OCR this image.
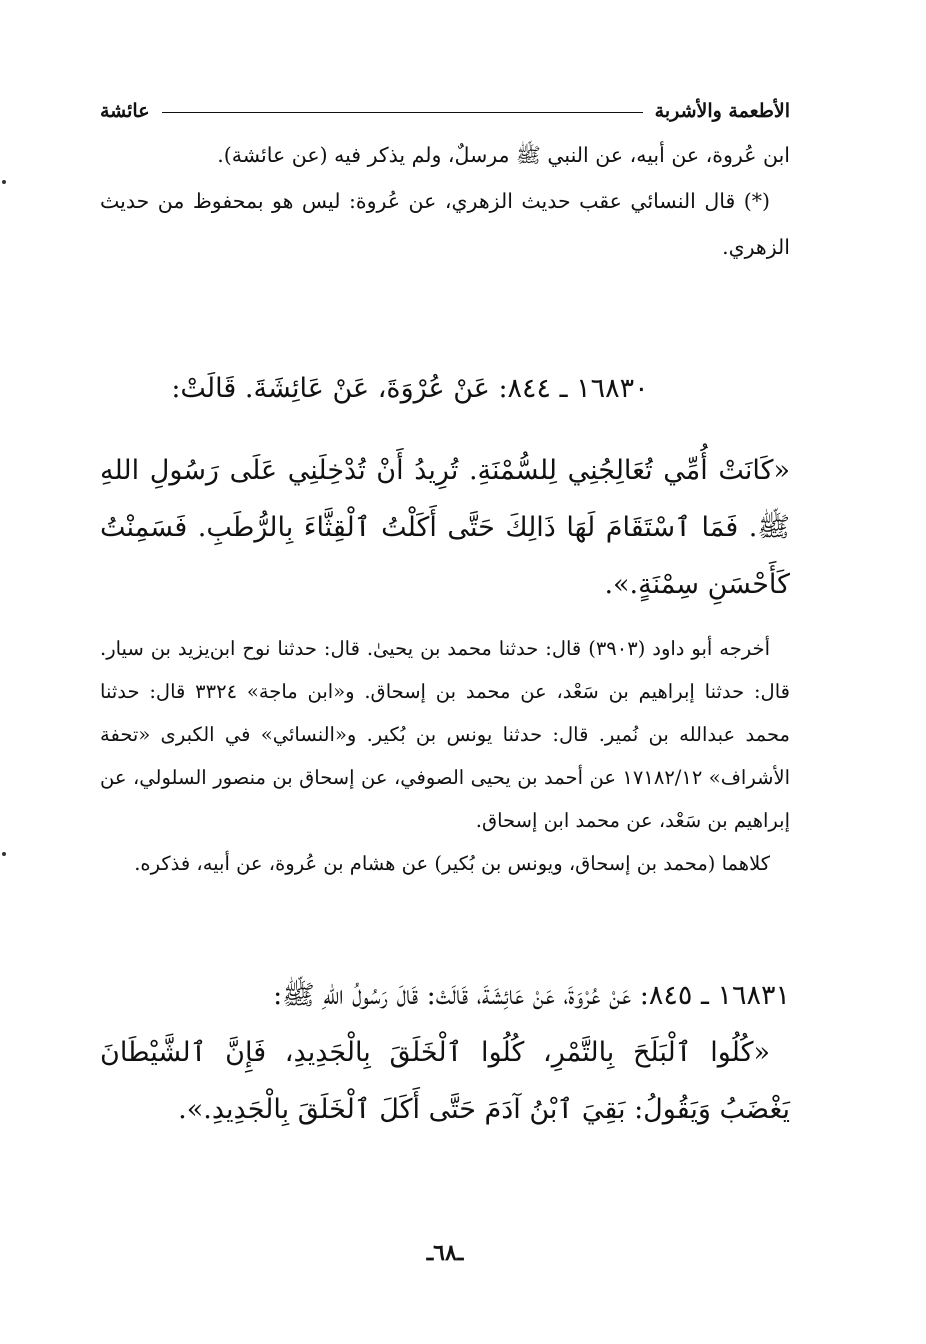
الأطعمة والأشربة
عائشة

ابن عُروة، عن أبيه، عن النبي ﷺ مرسلٌ، ولم يذكر فيه (عن عائشة).

(*) قال النسائي عقب حديث الزهري، عن عُروة: ليس هو بمحفوظ من حديث الزهري.

١٦٨٣٠ ـ ٨٤٤: عَنْ عُرْوَةَ، عَنْ عَائِشَةَ. قَالَتْ:

«كَانَتْ أُمِّي تُعَالِجُنِي لِلسُّمْنَةِ. تُرِيدُ أَنْ تُدْخِلَنِي عَلَى رَسُولِ اللهِ ﷺ. فَمَا ٱسْتَقَامَ لَهَا ذَالِكَ حَتَّى أَكَلْتُ ٱلْقِثَّاءَ بِالرُّطَبِ. فَسَمِنْتُ كَأَحْسَنِ سِمْنَةٍ.».

أخرجه أبو داود (٣٩٠٣) قال: حدثنا محمد بن يحيىٰ. قال: حدثنا نوح ابن‌يزيد بن سيار. قال: حدثنا إبراهيم بن سَعْد، عن محمد بن إسحاق. و«ابن ماجة» ٣٣٢٤ قال: حدثنا محمد عبدالله بن نُمير. قال: حدثنا يونس بن بُكير. و«النسائي» في الكبرى «تحفة الأشراف» ١٧١٨٢/١٢ عن أحمد بن يحيى الصوفي، عن إسحاق بن منصور السلولي، عن إبراهيم بن سَعْد، عن محمد ابن إسحاق.

كلاهما (محمد بن إسحاق، ويونس بن بُكير) عن هشام بن عُروة، عن أبيه، فذكره.

١٦٨٣١ ـ ٨٤٥: عَنْ عُرْوَةَ، عَنْ عَائِشَةَ، قَالَتْ: قَالَ رَسُولُ اللهِ ﷺ:

«كُلُوا ٱلْبَلَحَ بِالتَّمْرِ، كُلُوا ٱلْخَلَقَ بِالْجَدِيدِ، فَإِنَّ ٱلشَّيْطَانَ يَغْضَبُ وَيَقُولُ: بَقِيَ ٱبْنُ آدَمَ حَتَّى أَكَلَ ٱلْخَلَقَ بِالْجَدِيدِ.».

ـ٦٨ـ
